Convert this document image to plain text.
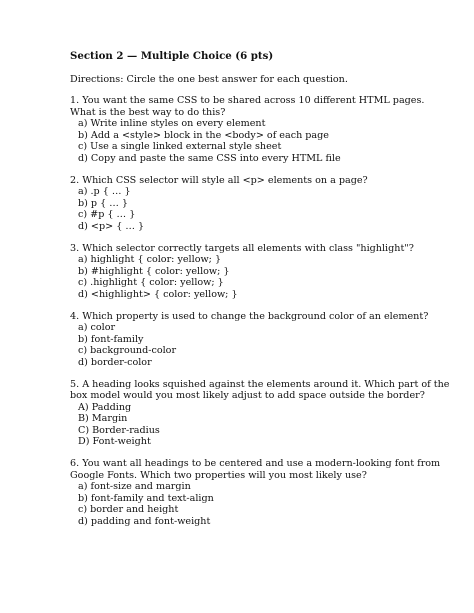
Section 2 — Multiple Choice (6 pts)
Directions: Circle the one best answer for each question.
1. You want the same CSS to be shared across 10 different HTML pages. What is the best way to do this?
a) Write inline styles on every element
b) Add a <style> block in the <body> of each page
c) Use a single linked external style sheet
d) Copy and paste the same CSS into every HTML file
2. Which CSS selector will style all <p> elements on a page?
a) .p { … }
b) p { … }
c) #p { … }
d) <p> { … }
3. Which selector correctly targets all elements with class "highlight"?
a) highlight { color: yellow; }
b) #highlight { color: yellow; }
c) .highlight { color: yellow; }
d) <highlight> { color: yellow; }
4. Which property is used to change the background color of an element?
a) color
b) font-family
c) background-color
d) border-color
5. A heading looks squished against the elements around it. Which part of the box model would you most likely adjust to add space outside the border?
A) Padding
B) Margin
C) Border-radius
D) Font-weight
6. You want all headings to be centered and use a modern-looking font from Google Fonts. Which two properties will you most likely use?
a) font-size and margin
b) font-family and text-align
c) border and height
d) padding and font-weight
